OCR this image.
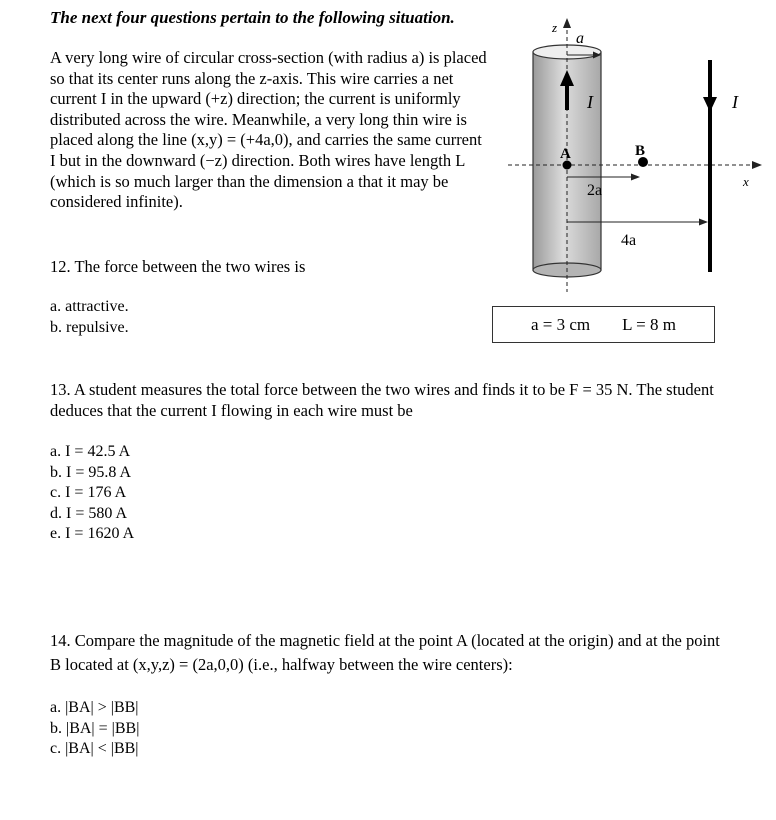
The next four questions pertain to the following situation.
A very long wire of circular cross-section (with radius a) is placed so that its center runs along the z-axis. This wire carries a net current I in the upward (+z) direction; the current is uniformly distributed across the wire. Meanwhile, a very long thin wire is placed along the line (x,y) = (+4a,0), and carries the same current I but in the downward (−z) direction. Both wires have length L (which is so much larger than the dimension a that it may be considered infinite).
z
a
I
x
A	B
I
2a
4a
a = 3 cm L = 8 m
12. The force between the two wires is
a. attractive.
b. repulsive.
13. A student measures the total force between the two wires and finds it to be F = 35 N. The student deduces that the current I flowing in each wire must be
a. I = 42.5 A
b. I = 95.8 A
c. I = 176 A
d. I = 580 A
e. I = 1620 A
14. Compare the magnitude of the magnetic field at the point A (located at the origin) and at the point B located at (x,y,z) = (2a,0,0) (i.e., halfway between the wire centers):
a. |BA| > |BB|
b. |BA| = |BB|
c. |BA| < |BB|
